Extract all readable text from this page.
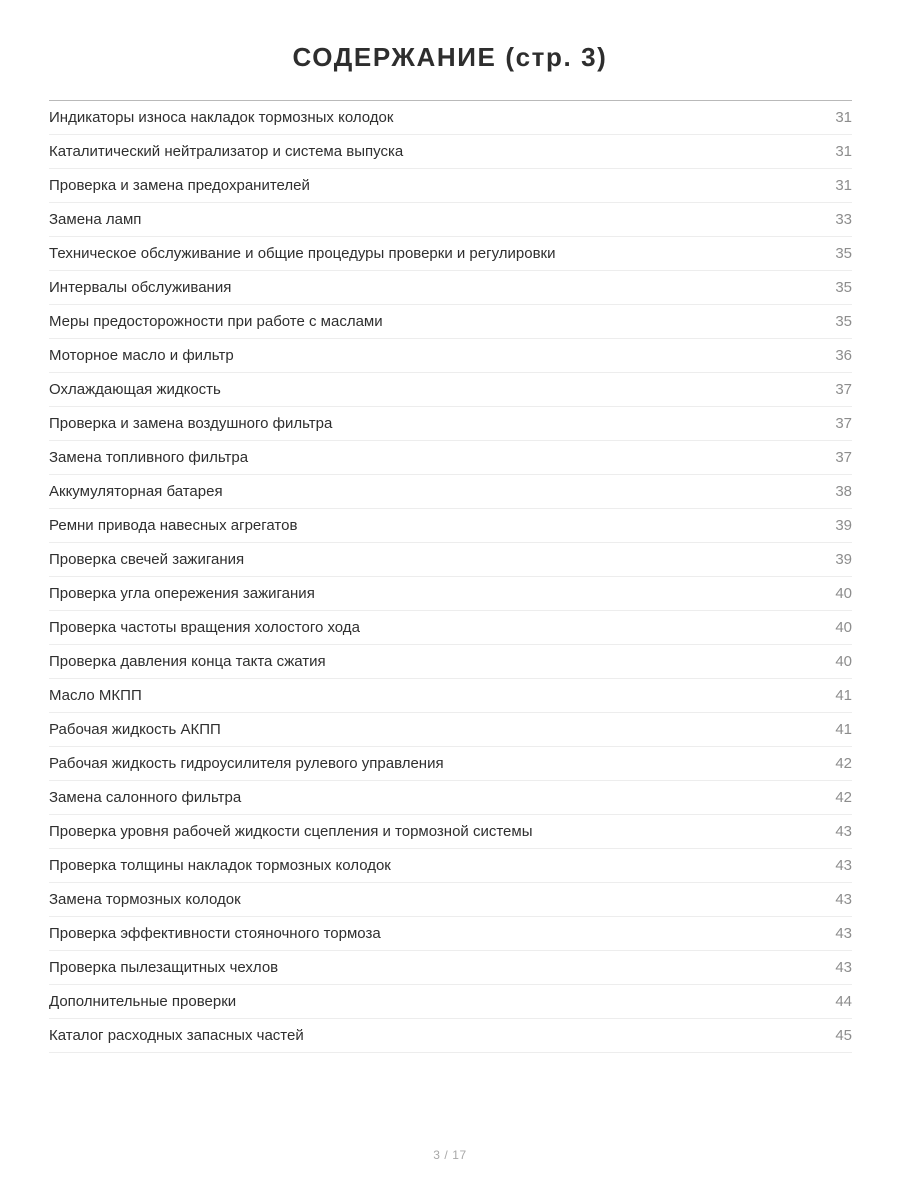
СОДЕРЖАНИЕ (стр. 3)
Индикаторы износа накладок тормозных колодок	31
Каталитический нейтрализатор и система выпуска	31
Проверка и замена предохранителей	31
Замена ламп	33
Техническое обслуживание и общие процедуры проверки и регулировки	35
Интервалы обслуживания	35
Меры предосторожности при работе с маслами	35
Моторное масло и фильтр	36
Охлаждающая жидкость	37
Проверка и замена воздушного фильтра	37
Замена топливного фильтра	37
Аккумуляторная батарея	38
Ремни привода навесных агрегатов	39
Проверка свечей зажигания	39
Проверка угла опережения зажигания	40
Проверка частоты вращения холостого хода	40
Проверка давления конца такта сжатия	40
Масло МКПП	41
Рабочая жидкость АКПП	41
Рабочая жидкость гидроусилителя рулевого управления	42
Замена салонного фильтра	42
Проверка уровня рабочей жидкости сцепления и тормозной системы	43
Проверка толщины накладок тормозных колодок	43
Замена тормозных колодок	43
Проверка эффективности стояночного тормоза	43
Проверка пылезащитных чехлов	43
Дополнительные проверки	44
Каталог расходных запасных частей	45
3 / 17
